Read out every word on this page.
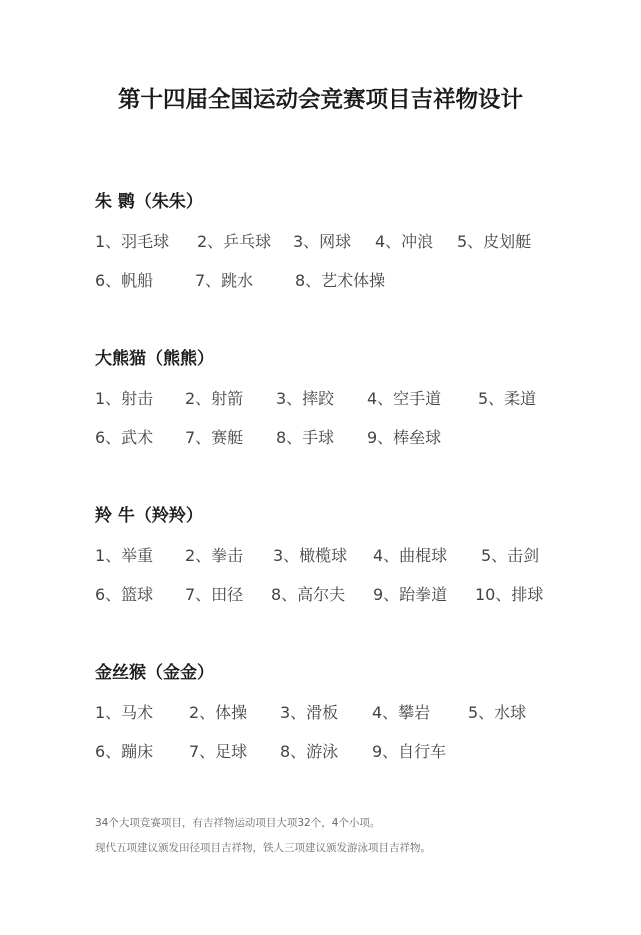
第十四届全国运动会竞赛项目吉祥物设计
朱 鹮（朱朱）
1、羽毛球 2、乒乓球 3、网球 4、冲浪 5、皮划艇
6、帆船	7、跳水	8、艺术体操
大熊猫（熊熊）
1、射击 2、射箭 3、摔跤 4、空手道 5、柔道
6、武术 7、赛艇 8、手球 9、棒垒球
羚 牛（羚羚）
1、举重 2、拳击 3、橄榄球 4、曲棍球 5、击剑
6、篮球 7、田径 8、高尔夫 9、跆拳道 10、排球
金丝猴（金金）
1、马术 2、体操 3、滑板 4、攀岩 5、水球
6、蹦床 7、足球 8、游泳 9、自行车
34个大项竞赛项目，有吉祥物运动项目大项32个，4个小项。
现代五项建议颁发田径项目吉祥物，铁人三项建议颁发游泳项目吉祥物。
